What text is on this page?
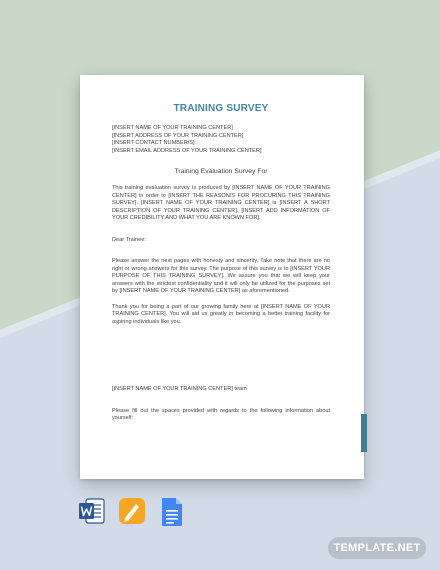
TRAINING SURVEY
[INSERT NAME OF YOUR TRAINING CENTER]
[INSERT ADDRESS OF YOUR TRAINING CENTER]
[INSERT CONTACT NUMBER/S]
[INSERT EMAIL ADDRESS OF YOUR TRAINING CENTER]
Training Evaluation Survey For

This training evaluation survey is produced by [INSERT NAME OF YOUR TRAINING CENTER] in order to [INSERT THE REASON/S FOR PROCURING THIS TRAINING SURVEY]. [INSERT NAME OF YOUR TRAINING CENTER] is [INSERT A SHORT DESCRIPTION OF YOUR TRAINING CENTER]. [INSERT ADD INFORMATION OF YOUR CREDIBILITY AND WHAT YOU ARE KNOWN FOR].

Dear Trainee:

Please answer the next pages with honesty and sincerity. Take note that there are no right or wrong answers for this survey. The purpose of this survey is to [INSERT YOUR PURPOSE OF THIS TRAINING SURVEY]. We assure you that we will keep your answers with the strictest confidentiality and it will only be utilized for the purposes set by [INSERT NAME OF YOUR TRAINING CENTER] as aforementioned.

Thank you for being a part of our growing family here at [INSERT NAME OF YOUR TRAINING CENTER]. You will aid us greatly in becoming a better training facility for aspiring individuals like you.

[INSERT NAME OF YOUR TRAINING CENTER] team

Please fill out the spaces provided with regards to the following information about yourself:

TEMPLATE.NET
